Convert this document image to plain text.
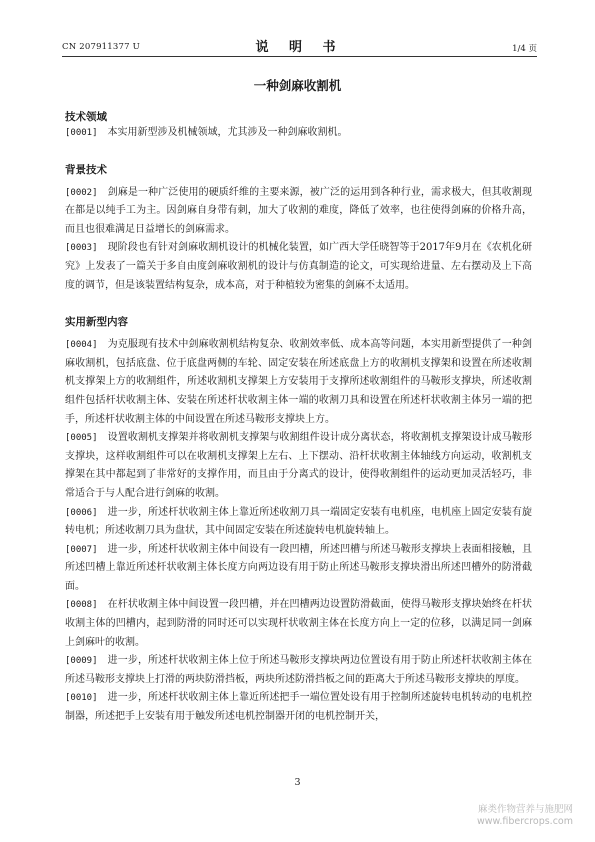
CN 207911377 U	说 明 书	1/4 页
一种剑麻收割机
技术领域
[0001]  本实用新型涉及机械领域，尤其涉及一种剑麻收割机。
背景技术
[0002]  剑麻是一种广泛使用的硬质纤维的主要来源，被广泛的运用到各种行业，需求极大，但其收割现在都是以纯手工为主。因剑麻自身带有刺，加大了收割的难度，降低了效率，也往使得剑麻的价格升高，而且也很难满足日益增长的剑麻需求。
[0003]  现阶段也有针对剑麻收割机设计的机械化装置，如广西大学任晓智等于2017年9月在《农机化研究》上发表了一篇关于多自由度剑麻收割机的设计与仿真制造的论文，可实现给进量、左右摆动及上下高度的调节，但是该装置结构复杂，成本高，对于种植较为密集的剑麻不太适用。
实用新型内容
[0004]  为克服现有技术中剑麻收割机结构复杂、收割效率低、成本高等问题，本实用新型提供了一种剑麻收割机，包括底盘、位于底盘两侧的车轮、固定安装在所述底盘上方的收割机支撑架和设置在所述收割机支撑架上方的收割组件，所述收割机支撑架上方安装用于支撑所述收割组件的马鞍形支撑块，所述收割组件包括杆状收割主体、安装在所述杆状收割主体一端的收割刀具和设置在所述杆状收割主体另一端的把手，所述杆状收割主体的中间设置在所述马鞍形支撑块上方。
[0005]  设置收割机支撑架并将收割机支撑架与收割组件设计成分离状态，将收割机支撑架设计成马鞍形支撑块，这样收割组件可以在收割机支撑架上左右、上下摆动、沿杆状收割主体轴线方向运动，收割机支撑架在其中都起到了非常好的支撑作用，而且由于分离式的设计，使得收割组件的运动更加灵活轻巧，非常适合于与人配合进行剑麻的收割。
[0006]  进一步，所述杆状收割主体上靠近所述收割刀具一端固定安装有电机座，电机座上固定安装有旋转电机；所述收割刀具为盘状，其中间固定安装在所述旋转电机旋转轴上。
[0007]  进一步，所述杆状收割主体中间设有一段凹槽，所述凹槽与所述马鞍形支撑块上表面相接触，且所述凹槽上靠近所述杆状收割主体长度方向两边设有用于防止所述马鞍形支撑块滑出所述凹槽外的防滑截面。
[0008]  在杆状收割主体中间设置一段凹槽，并在凹槽两边设置防滑截面，使得马鞍形支撑块始终在杆状收割主体的凹槽内，起到防滑的同时还可以实现杆状收割主体在长度方向上一定的位移，以满足同一剑麻上剑麻叶的收割。
[0009]  进一步，所述杆状收割主体上位于所述马鞍形支撑块两边位置设有用于防止所述杆状收割主体在所述马鞍形支撑块上打滑的两块防滑挡板，两块所述防滑挡板之间的距离大于所述马鞍形支撑块的厚度。
[0010]  进一步，所述杆状收割主体上靠近所述把手一端位置处设有用于控制所述旋转电机转动的电机控制器，所述把手上安装有用于触发所述电机控制器开闭的电机控制开关，
3
麻类作物营养与施肥网
www.fibercrops.com
